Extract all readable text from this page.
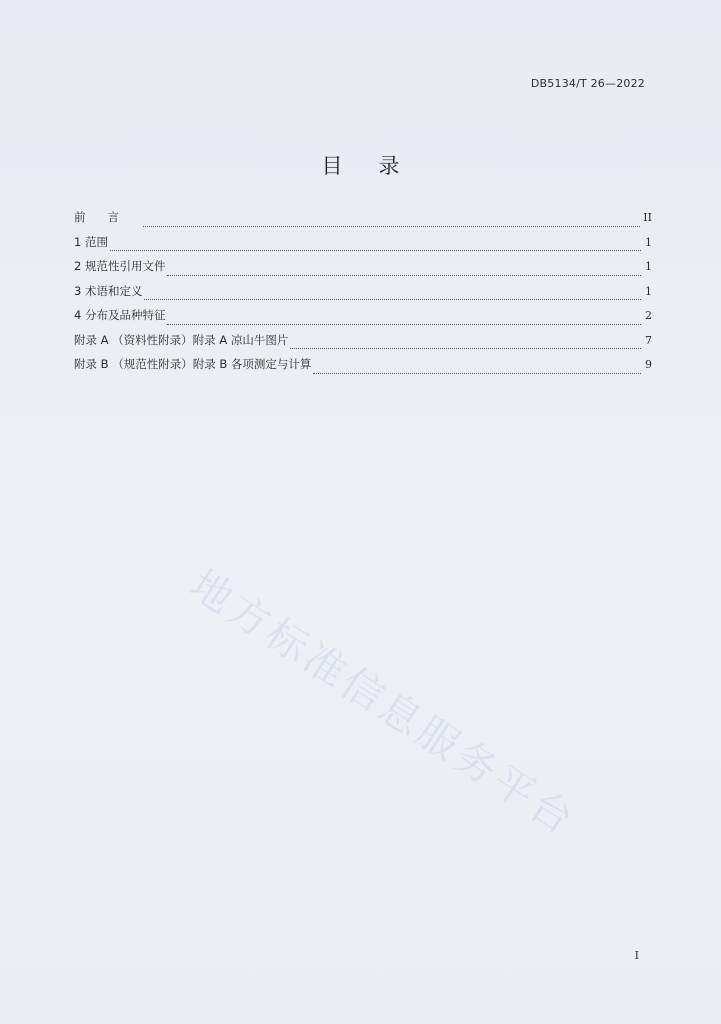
DB5134/T 26—2022
目 录
前言	II
1 范围	1
2 规范性引用文件	1
3 术语和定义	1
4 分布及品种特征	2
附录 A （资料性附录）附录 A 凉山牛图片	7
附录 B （规范性附录）附录 B 各项测定与计算	9
地方标准信息服务平台
I
